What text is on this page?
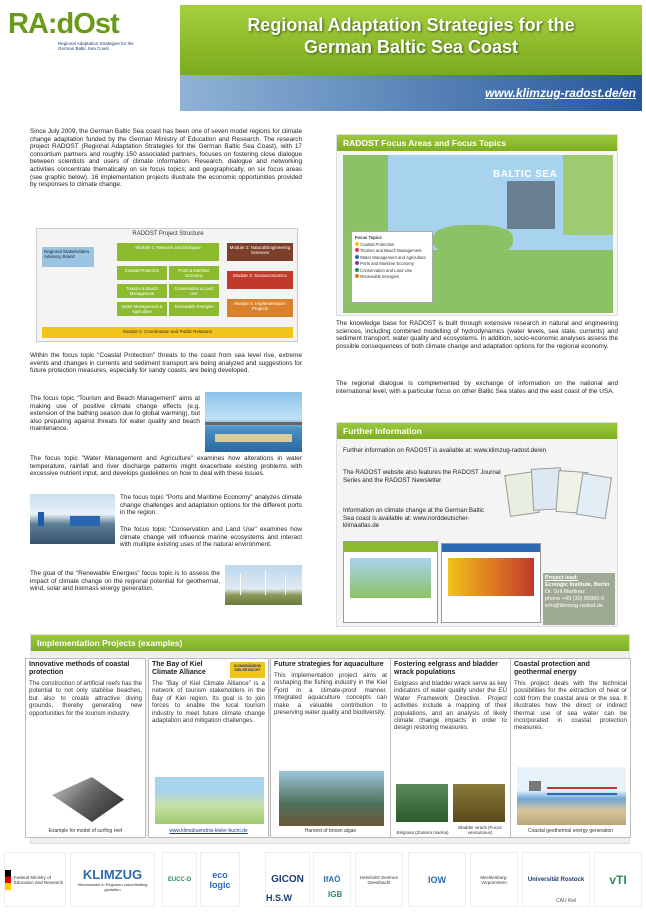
RA:dOst
Regional Adaptation Strategies for the German Baltic Sea Coast
Regional Adaptation Strategies for the
German Baltic Sea Coast
www.klimzug-radost.de/en
Since July 2009, the German Baltic Sea coast has been one of seven model regions for climate change adaptation funded by the German Ministry of Education and Research. The research project RADOST (Regional Adaptation Strategies for the German Baltic Sea Coast), with 17 consortium partners and roughly 150 associated partners, focuses on fostering close dialogue between scientists and users of climate information. Research, dialogue and networking activities concentrate thematically on six focus topics; and geographically, on six focus areas (see graphic below). 16 implementation projects illustrate the economic opportunities provided by responses to climate change.
RADOST Project Structure
Regional Stakeholders Advisory Board
Module 1: Network and Dialogue	Module 2: Natural/Engineering Sciences
Coastal Protection	Ports & Maritime Economy
Tourism & Beach Management
Conservation & Land Use
Water Management & Agriculture
Renewable Energies
Module 3: Socioeconomics
Module 4: Implementation Projects
Module 5: Coordination and Public Relations
Within the focus topic "Coastal Protection" threats to the coast from sea level rise, extreme events and changes in currents and sediment transport are being analyzed and suggestions for future protection measures, especially for sandy coasts, are being developed.
The focus topic "Tourism and Beach Management" aims at making use of positive climate change effects (e.g. extension of the bathing season due to global warming), but also preparing against threats for water quality and beach maintenance.
The focus topic "Water Management and Agriculture" examines how alterations in water temperature, rainfall and river discharge patterns might exacerbate existing problems with excessive nutrient input, and develops guidelines on how to deal with these issues.
The focus topic "Ports and Maritime Economy" analyzes climate change challenges and adaptation options for the different ports in the region.
The focus topic "Conservation and Land Use" examines how climate change will influence marine ecosystems and interact with multiple existing uses of the natural environment.
The goal of the "Renewable Energies" focus topic is to assess the impact of climate change on the regional potential for geothermal, wind, solar and biomass energy generation.
RADOST Focus Areas and Focus Topics
BALTIC SEA
Focus Topics
Coastal Protection
Tourism and Beach Management
Water Management and Agriculture
Ports and Maritime Economy
Conservation and Land Use
Renewable Energies
The knowledge base for RADOST is built through extensive research in natural and engineering sciences, including combined modelling of hydrodynamics (water levels, sea state, currents) and sediment transport, water quality and ecosystems. In addition, socio-economic analyses assess the possible consequences of both climate change and adaptation options for the regional economy.
The regional dialogue is complemented by exchange of information on the national and international level, with a particular focus on other Baltic Sea states and the east coast of the USA.
Further Information
Further information on RADOST is available at: www.klimzug-radost.de/en
The RADOST website also features the RADOST Journal Series and the RADOST Newsletter
Information on climate change at the German Baltic Sea coast is available at: www.norddeutscher-klimaatlas.de
Project lead:
Ecologic Institute, Berlin
Dr. Grit Martinez
phone +49 (30) 86880-0
info@klimzug-radost.de
Implementation Projects (examples)
Innovative methods of coastal protection
The construction of artificial reefs has the potential to not only stabilise beaches, but also to create attractive diving grounds, thereby generating new opportunities for the tourism industry.
Example for model of surfing reef
The Bay of Kiel Climate Alliance
KLIMABÜNDNIS KIELER BUCHT
The "Bay of Kiel Climate Alliance" is a network of tourism stakeholders in the Bay of Kiel region. Its goal is to join forces to enable the local tourism industry to meet future climate change adaptation and mitigation challenges.
www.klimabuendnis-kieler-bucht.de
Future strategies for aquaculture
This implementation project aims at reshaping the fishing industry in the Kiel Fjord in a climate-proof manner. Integrated aquaculture concepts can make a valuable contribution to preserving water quality and biodiversity.
Harvest of brown algae
Fostering eelgrass and bladder wrack populations
Eelgrass and bladder wrack serve as key indicators of water quality under the EU Water Framework Directive. Project activities include a mapping of their populations, and an analysis of likely climate change impacts in order to design restoring measures.
Eelgrass (Zostera marina)
Bladder wrack (Fucus vesiculosus)
Coastal protection and geothermal energy
This project deals with the technical possibilities for the extraction of heat or cold from the coastal area or the sea. It illustrates how the direct or indirect thermal use of sea water can be incorporated in coastal protection measures.
Coastal geothermal energy generation
Federal Ministry of Education and Research KLIMZUG
Klimawandel in Regionen zukunftsfähig gestalten
EUCC-D	eco logic	GICON	IfAÖ	Helmholtz-Zentrum Geesthacht	IOW	Mecklenburg-Vorpommern	Universität Rostock	vTI
H.S.W	IGB
CAU Kiel
